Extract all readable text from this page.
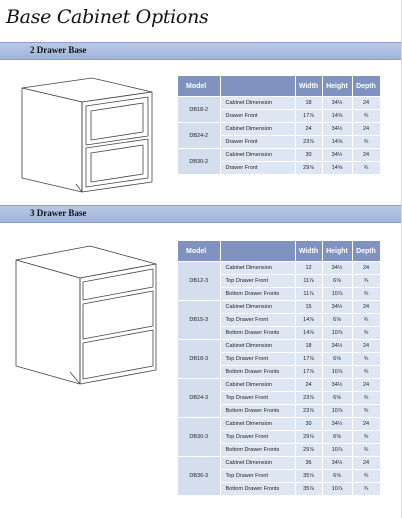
Base Cabinet Options
2 Drawer Base
Model		Width	Height	Depth
DB18-2	Cabinet Dimension	18	34½	24
	Drawer Front	17⅞	14⅝	¾
DB24-2	Cabinet Dimension	24	34½	24
	Drawer Front	23⅞	14⅝	¾
DB30-2	Cabinet Dimension	30	34½	24
	Drawer Front	29⅞	14⅝	¾
3 Drawer Base
Model		Width	Height	Depth
DB12-3	Cabinet Dimension	12	34½	24
	Top Drawer Front	11⅞	6⅝	¾
	Bottom Drawer Fronts	11⅞	10⅞	¾
DB15-3	Cabinet Dimension	15	34½	24
	Top Drawer Front	14⅞	6⅝	¾
	Bottom Drawer Fronts	14⅞	10⅞	¾
DB18-3	Cabinet Dimension	18	34½	24
	Top Drawer Front	17⅞	6⅝	¾
	Bottom Drawer Fronts	17⅞	10⅞	¾
DB24-3	Cabinet Dimension	24	34½	24
	Top Drawer Front	23⅞	6⅝	¾
	Bottom Drawer Fronts	23⅞	10⅞	¾
DB30-3	Cabinet Dimension	30	34½	24
	Top Drawer Front	29⅞	6⅝	¾
	Bottom Drawer Fronts	29⅞	10⅞	¾
DB36-3	Cabinet Dimension	36	34½	24
	Top Drawer Front	35⅞	6⅝	¾
	Bottom Drawer Fronts	35⅞	10⅞	¾
